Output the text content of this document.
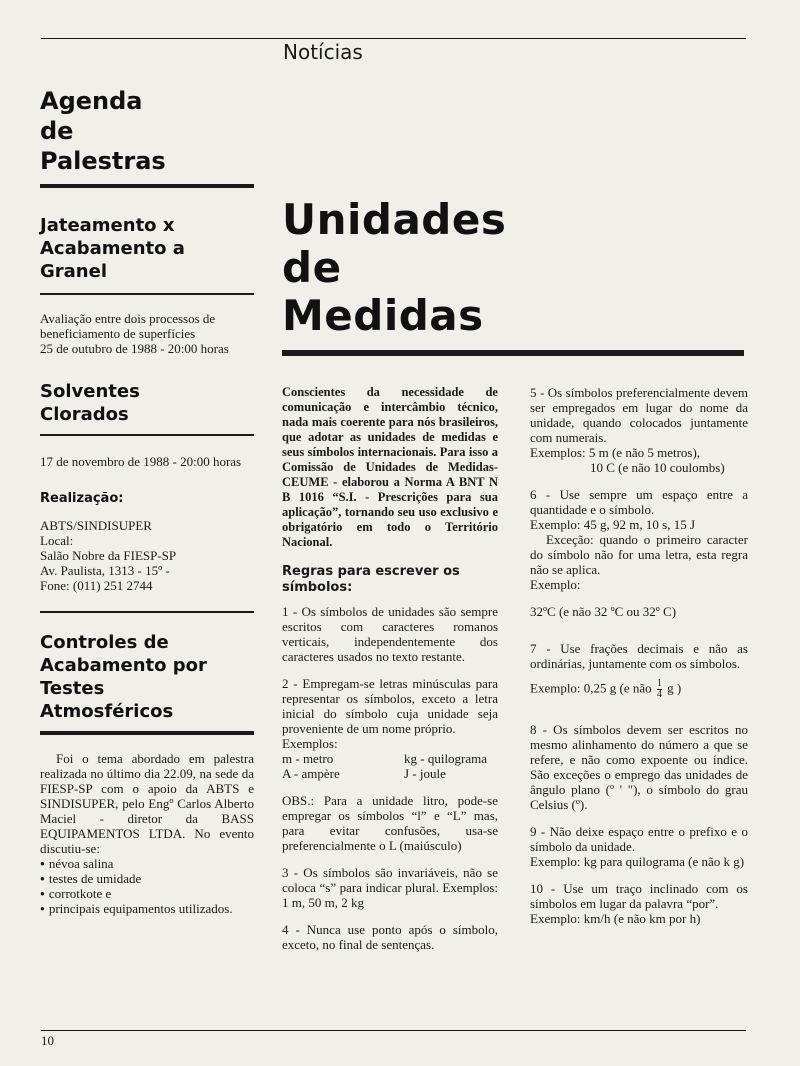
Notícias
Agenda de Palestras
Jateamento x Acabamento a Granel

Avaliação entre dois processos de beneficiamento de superfícies

25 de outubro de 1988 - 20:00 horas

Solventes Clorados

17 de novembro de 1988 - 20:00 horas

Realização:

ABTS/SINDISUPER

Local:

Salão Nobre da FIESP-SP

Av. Paulista, 1313 - 15º -

Fone: (011) 251 2744

Controles de Acabamento por Testes Atmosféricos

Foi o tema abordado em palestra realizada no último dia 22.09, na sede da FIESP-SP com o apoio da ABTS e SINDISUPER, pelo Engº Carlos Alberto Maciel - diretor da BASS EQUIPAMENTOS LTDA. No evento discutiu-se:

● névoa salina
● testes de umidade
● corrotkote e
● principais equipamentos utilizados.
Unidades de Medidas

Conscientes da necessidade de comunicação e intercâmbio técnico, nada mais coerente para nós brasileiros, que adotar as unidades de medidas e seus símbolos internacionais. Para isso a Comissão de Unidades de Medidas-CEUME - elaborou a Norma A BNT N B 1016 “S.I. - Prescrições para sua aplicação”, tornando seu uso exclusivo e obrigatório em todo o Território Nacional.

Regras para escrever os símbolos:

1 - Os símbolos de unidades são sempre escritos com caracteres romanos verticais, independentemente dos caracteres usados no texto restante.

2 - Empregam-se letras minúsculas para representar os símbolos, exceto a letra inicial do símbolo cuja unidade seja proveniente de um nome próprio.

Exemplos:

m - metro	kg - quilograma
A - ampère	J - joule

OBS.: Para a unidade litro, pode-se empregar os símbolos “l” e “L” mas, para evitar confusões, usa-se preferencialmente o L (maiúsculo)

3 - Os símbolos são invariáveis, não se coloca “s” para indicar plural. Exemplos: 1 m, 50 m, 2 kg

4 - Nunca use ponto após o símbolo, exceto, no final de sentenças.

5 - Os símbolos preferencialmente devem ser empregados em lugar do nome da unidade, quando colocados juntamente com numerais.

Exemplos: 5 m (e não 5 metros),

10 C (e não 10 coulombs)

6 - Use sempre um espaço entre a quantidade e o símbolo.

Exemplo: 45 g, 92 m, 10 s, 15 J

Exceção: quando o primeiro caracter do símbolo não for uma letra, esta regra não se aplica.

Exemplo:

32ºC (e não 32 ºC ou 32º C)

7 - Use frações decimais e não as ordinárias, juntamente com os símbolos.

Exemplo: 0,25 g (e não $\frac{1}{4}$ g )

8 - Os símbolos devem ser escritos no mesmo alinhamento do número a que se refere, e não como expoente ou índice. São exceções o emprego das unidades de ângulo plano (º ' "), o símbolo do grau Celsius (º).

9 - Não deixe espaço entre o prefixo e o símbolo da unidade.

Exemplo: kg para quilograma (e não k g)

10 - Use um traço inclinado com os símbolos em lugar da palavra “por”.

Exemplo: km/h (e não km por h)

10
